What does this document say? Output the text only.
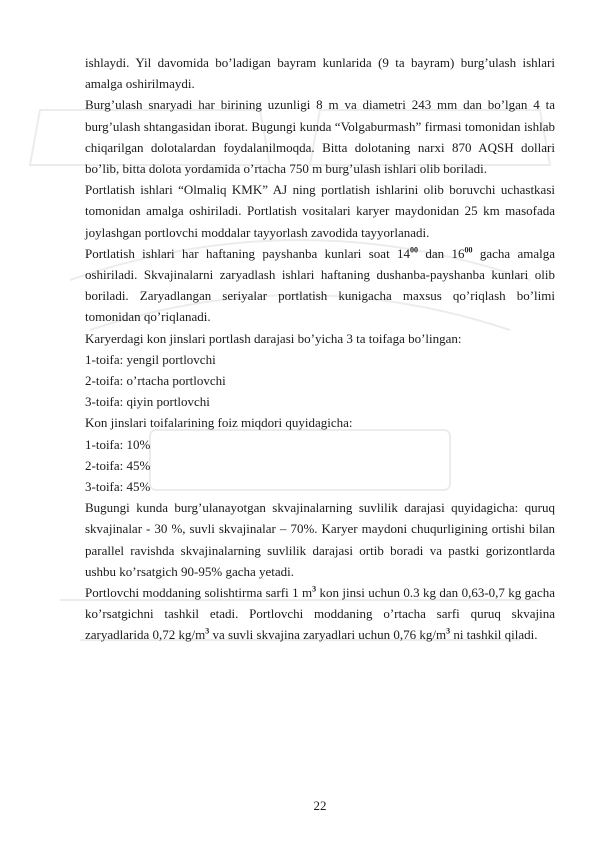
ishlaydi. Yil davomida bo’ladigan bayram kunlarida (9 ta bayram) burg’ulash ishlari amalga oshirilmaydi.

Burg’ulash snaryadi har birining uzunligi 8 m va diametri 243 mm dan bo’lgan 4 ta burg’ulash shtangasidan iborat. Bugungi kunda “Volgaburmash” firmasi tomonidan ishlab chiqarilgan dolotalardan foydalanilmoqda. Bitta dolotaning narxi 870 AQSH dollari bo’lib, bitta dolota yordamida o’rtacha 750 m burg’ulash ishlari olib boriladi.

Portlatish ishlari “Olmaliq KMK” AJ ning portlatish ishlarini olib boruvchi uchastkasi tomonidan amalga oshiriladi. Portlatish vositalari karyer maydonidan 25 km masofada joylashgan portlovchi moddalar tayyorlash zavodida tayyorlanadi.

Portlatish ishlari har haftaning payshanba kunlari soat $14^{00}$ dan $16^{00}$ gacha amalga oshiriladi. Skvajinalarni zaryadlash ishlari haftaning dushanba-payshanba kunlari olib boriladi. Zaryadlangan seriyalar portlatish kunigacha maxsus qo’riqlash bo’limi tomonidan qo’riqlanadi.

Karyerdagi kon jinslari portlash darajasi bo’yicha 3 ta toifaga bo’lingan:

1-toifa: yengil portlovchi

2-toifa: o’rtacha portlovchi

3-toifa: qiyin portlovchi

Kon jinslari toifalarining foiz miqdori quyidagicha:

1-toifa: 10%

2-toifa: 45%

3-toifa: 45%

Bugungi kunda burg’ulanayotgan skvajinalarning suvlilik darajasi quyidagicha: quruq skvajinalar - 30 %, suvli skvajinalar – 70%. Karyer maydoni chuqurligining ortishi bilan parallel ravishda skvajinalarning suvlilik darajasi ortib boradi va pastki gorizontlarda ushbu ko’rsatgich 90-95% gacha yetadi.

Portlovchi moddaning solishtirma sarfi 1 $m^3$ kon jinsi uchun 0.3 kg dan 0,63-0,7 kg gacha ko’rsatgichni tashkil etadi. Portlovchi moddaning o’rtacha sarfi quruq skvajina zaryadlarida 0,72 $kg/m^3$ va suvli skvajina zaryadlari uchun 0,76 $kg/m^3$ ni tashkil qiladi.

22
